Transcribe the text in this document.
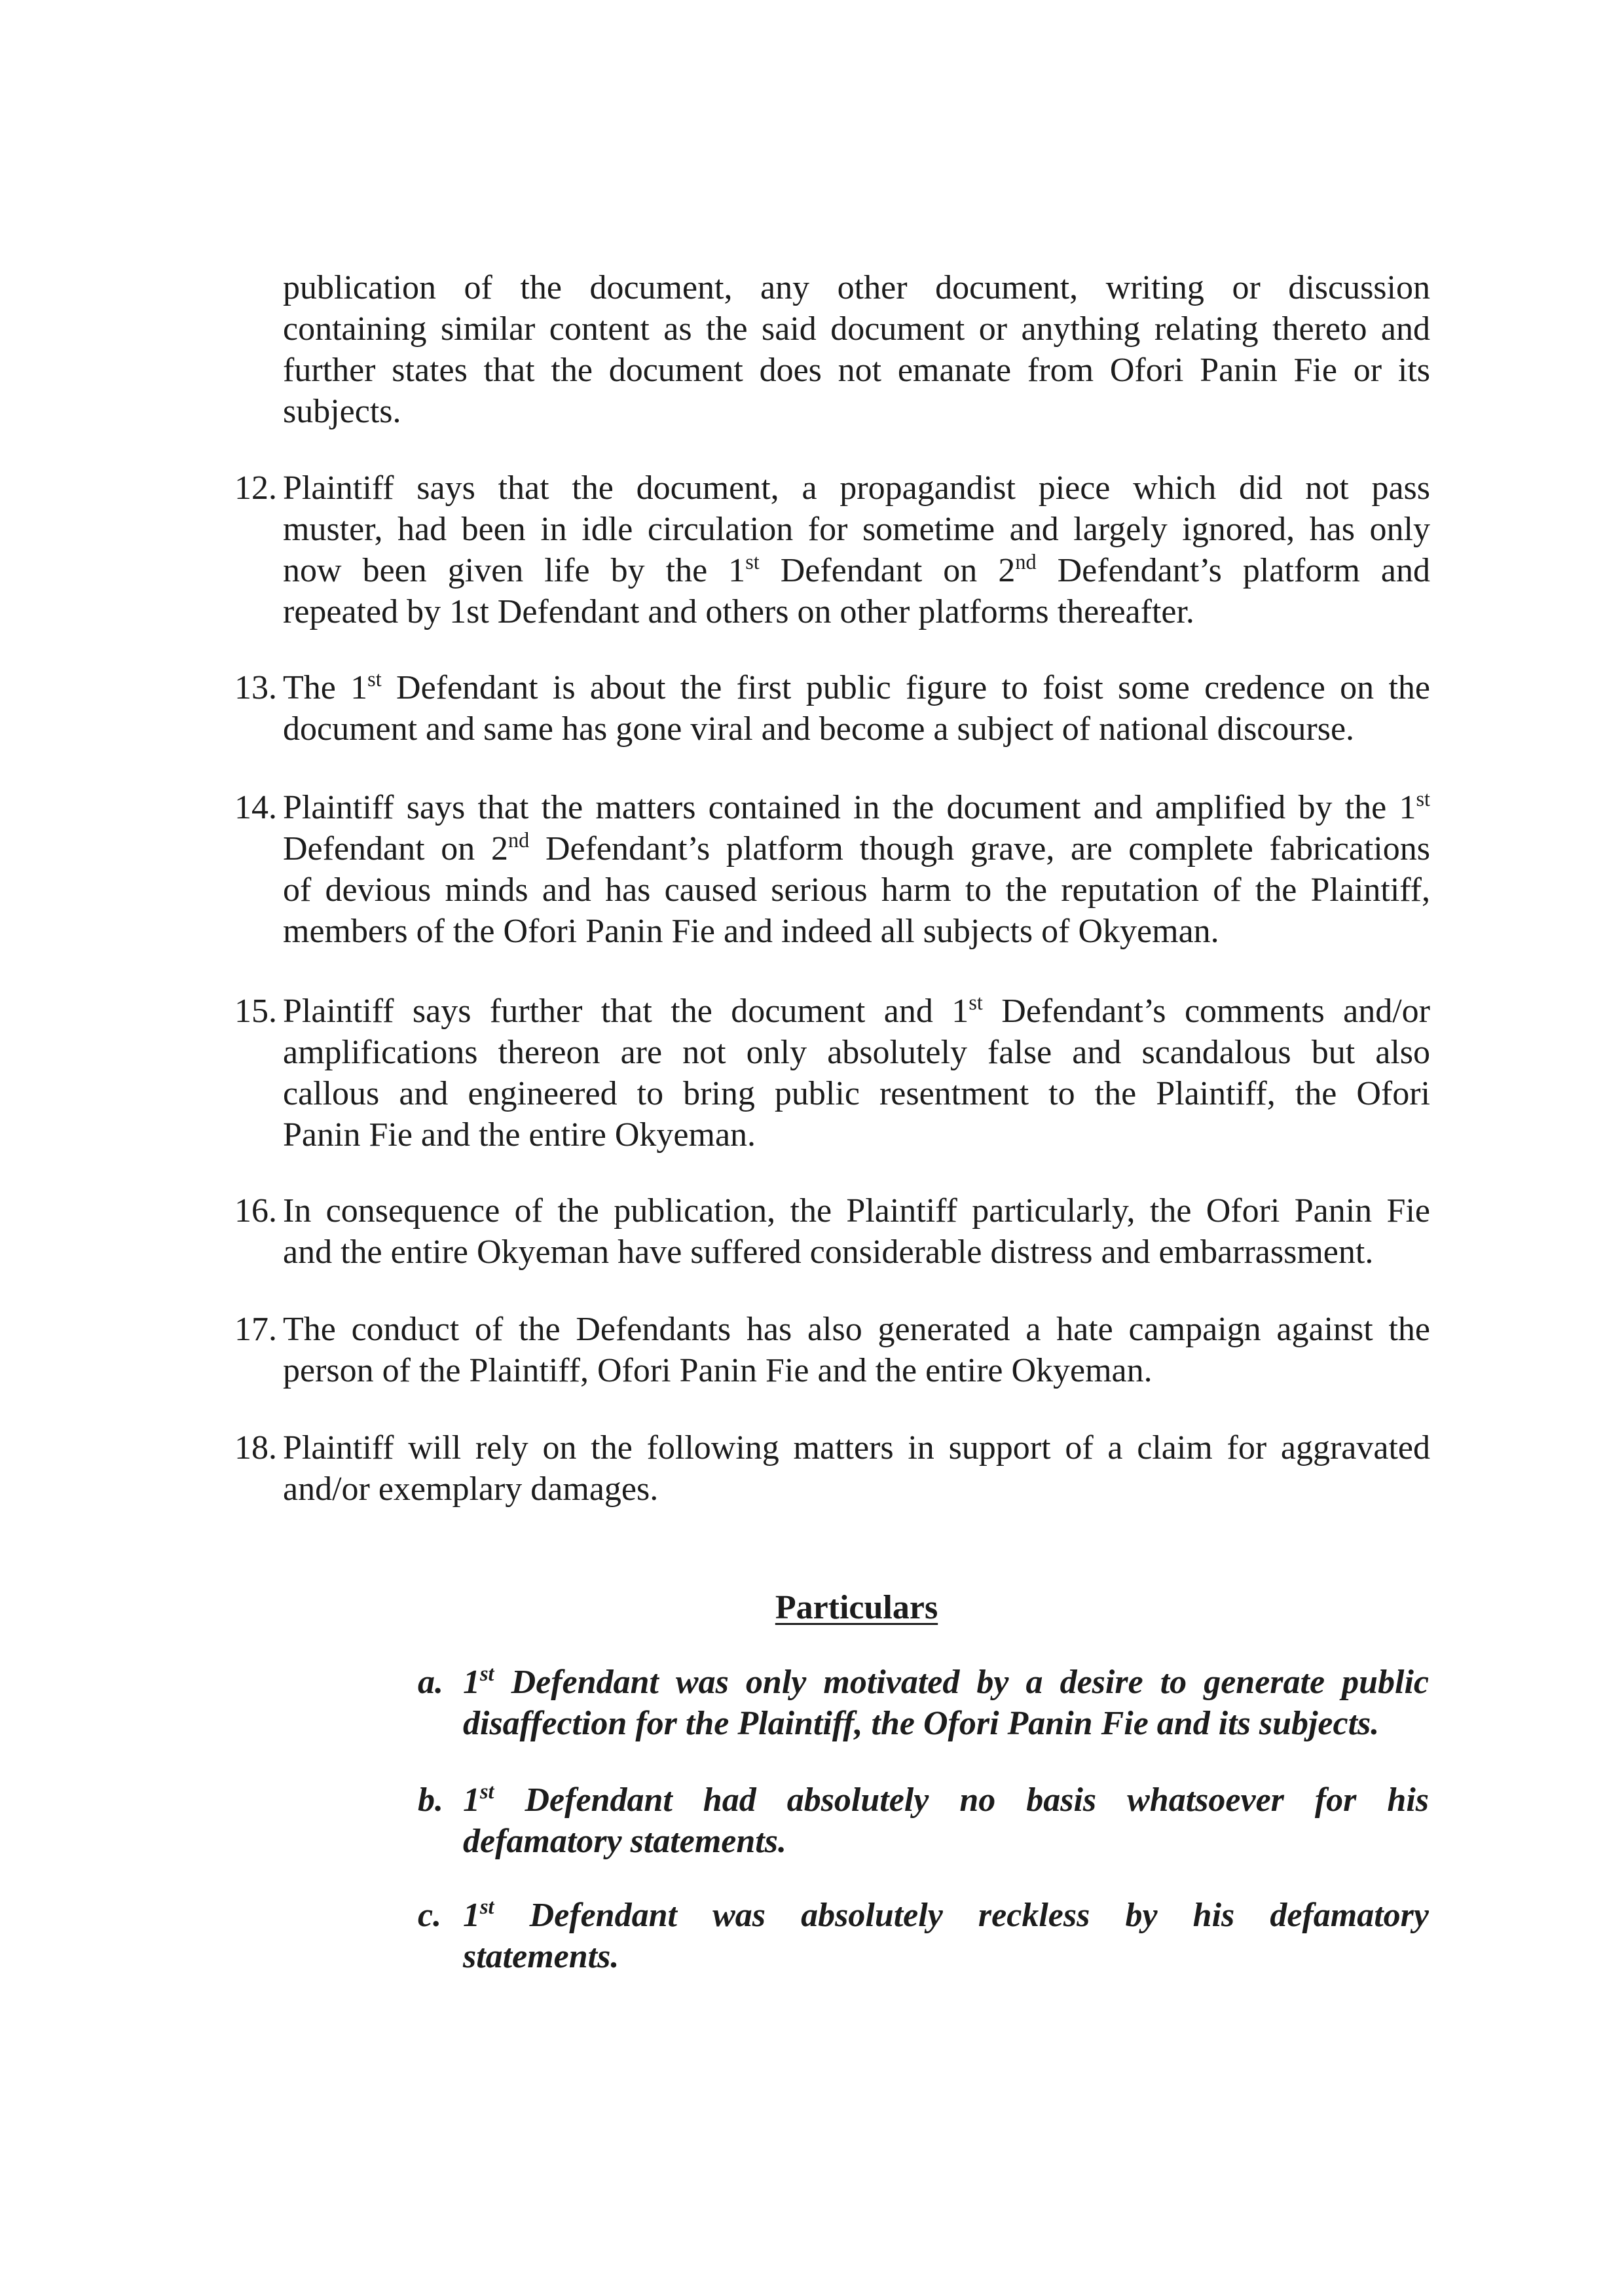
publication of the document, any other document, writing or discussion
containing similar content as the said document or anything relating thereto and
further states that the document does not emanate from Ofori Panin Fie or its
subjects.
12. Plaintiff says that the document, a propagandist piece which did not pass
muster, had been in idle circulation for sometime and largely ignored, has only
now been given life by the 1st Defendant on 2nd Defendant’s platform and
repeated by 1st Defendant and others on other platforms thereafter.
13. The 1st Defendant is about the first public figure to foist some credence on the
document and same has gone viral and become a subject of national discourse.
14. Plaintiff says that the matters contained in the document and amplified by the 1st
Defendant on 2nd Defendant’s platform though grave, are complete fabrications
of devious minds and has caused serious harm to the reputation of the Plaintiff,
members of the Ofori Panin Fie and indeed all subjects of Okyeman.
15. Plaintiff says further that the document and 1st Defendant’s comments and/or
amplifications thereon are not only absolutely false and scandalous but also
callous and engineered to bring public resentment to the Plaintiff, the Ofori
Panin Fie and the entire Okyeman.
16. In consequence of the publication, the Plaintiff particularly, the Ofori Panin Fie
and the entire Okyeman have suffered considerable distress and embarrassment.
17. The conduct of the Defendants has also generated a hate campaign against the
person of the Plaintiff, Ofori Panin Fie and the entire Okyeman.
18. Plaintiff will rely on the following matters in support of a claim for aggravated
and/or exemplary damages.
Particulars
a. 1st Defendant was only motivated by a desire to generate public
disaffection for the Plaintiff, the Ofori Panin Fie and its subjects.
b. 1st Defendant had absolutely no basis whatsoever for his
defamatory statements.
c. 1st Defendant was absolutely reckless by his defamatory
statements.
